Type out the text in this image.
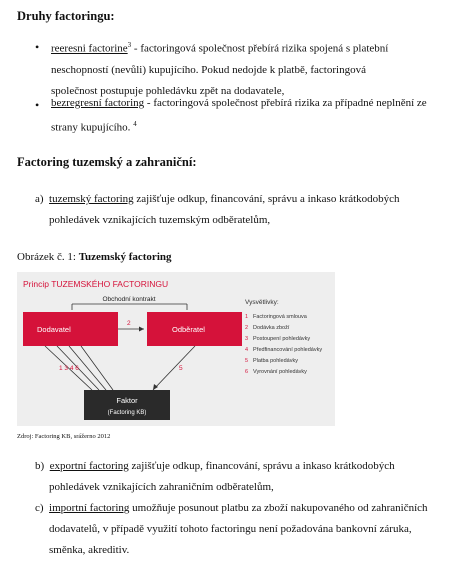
Druhy factoringu:
• reeresni factorine$^3$ - factoringová společnost přebírá rizika spojená s platební
neschopností (nevůli) kupujícího. Pokud nedojde k platbě, factoringová
společnost postupuje pohledávku zpět na dodavatele,
• bezregresní factoring - factoringová společnost přebírá rizika za případné neplnění ze
strany kupujícího. $^4$
Factoring tuzemský a zahraniční:
a) tuzemský factoring zajišťuje odkup, financování, správu a inkaso krátkodobých
pohledávek vznikajících tuzemským odběratelům,
Obrázek č. 1: Tuzemský factoring
Princip TUZEMSKÉHO FACTORINGU
Obchodní kontrakt
Dodavatel	Odběratel
2
1 3 4 6	5
Faktor
(Factoring KB)
Vysvětlivky:
1 Factoringová smlouva
2 Dodávka zboží
3 Postoupení pohledávky
4 Předfinancování pohledávky
5 Platba pohledávky
6 Vyrovnání pohledávky
Zdroj: Factoring KB, srážerno 2012
b) exportní factoring zajišťuje odkup, financování, správu a inkaso krátkodobých
pohledávek vznikajících zahraničním odběratelům,
c) importní factoring umožňuje posunout platbu za zboží nakupovaného od zahraničních
dodavatelů, v případě využití tohoto factoringu není požadována bankovní záruka,
směnka, akreditiv.
